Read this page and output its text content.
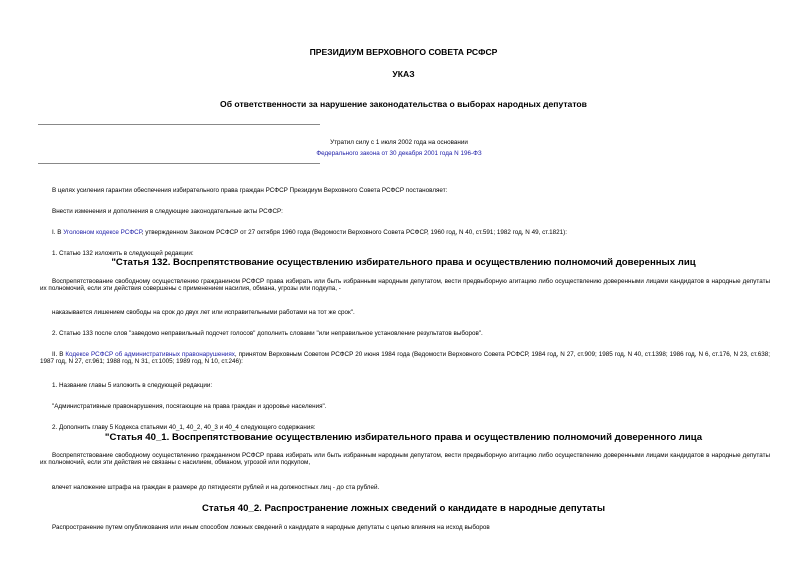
ПРЕЗИДИУМ ВЕРХОВНОГО СОВЕТА РСФСР
УКАЗ
Об ответственности за нарушение законодательства о выборах народных депутатов
Утратил силу с 1 июля 2002 года на основании
Федерального закона от 30 декабря 2001 года N 196-ФЗ
В целях усиления гарантии обеспечения избирательного права граждан РСФСР Президиум Верховного Совета РСФСР постановляет:
Внести изменения и дополнения в следующие законодательные акты РСФСР:
I. В Уголовном кодексе РСФСР, утвержденном Законом РСФСР от 27 октября 1960 года (Ведомости Верховного Совета РСФСР, 1960 год, N 40, ст.591; 1982 год, N 49, ст.1821):
1. Статью 132 изложить в следующей редакции:
"Статья 132. Воспрепятствование осуществлению избирательного права и осуществлению полномочий доверенных лиц
Воспрепятствование свободному осуществлению гражданином РСФСР права избирать или быть избранным народным депутатом, вести предвыборную агитацию либо осуществлению доверенными лицами кандидатов в народные депутаты их полномочий, если эти действия совершены с применением насилия, обмана, угрозы или подкупа, -
наказывается лишением свободы на срок до двух лет или исправительными работами на тот же срок".
2. Статью 133 после слов "заведомо неправильный подсчет голосов" дополнить словами "или неправильное установление результатов выборов".
II. В Кодексе РСФСР об административных правонарушениях, принятом Верховным Советом РСФСР 20 июня 1984 года (Ведомости Верховного Совета РСФСР, 1984 год, N 27, ст.909; 1985 год, N 40, ст.1398; 1986 год, N 6, ст.176, N 23, ст.638; 1987 год, N 27, ст.961; 1988 год, N 31, ст.1005; 1989 год, N 10, ст.246):
1. Название главы 5 изложить в следующей редакции:
"Административные правонарушения, посягающие на права граждан и здоровье населения".
2. Дополнить главу 5 Кодекса статьями 40_1, 40_2, 40_3 и 40_4 следующего содержания:
"Статья 40_1. Воспрепятствование осуществлению избирательного права и осуществлению полномочий доверенного лица
Воспрепятствование свободному осуществлению гражданином РСФСР права избирать или быть избранным народным депутатом, вести предвыборную агитацию либо осуществлению доверенными лицами кандидатов в народные депутаты их полномочий, если эти действия не связаны с насилием, обманом, угрозой или подкупом,
влечет наложение штрафа на граждан в размере до пятидесяти рублей и на должностных лиц - до ста рублей.
Статья 40_2. Распространение ложных сведений о кандидате в народные депутаты
Распространение путем опубликования или иным способом ложных сведений о кандидате в народные депутаты с целью влияния на исход выборов
